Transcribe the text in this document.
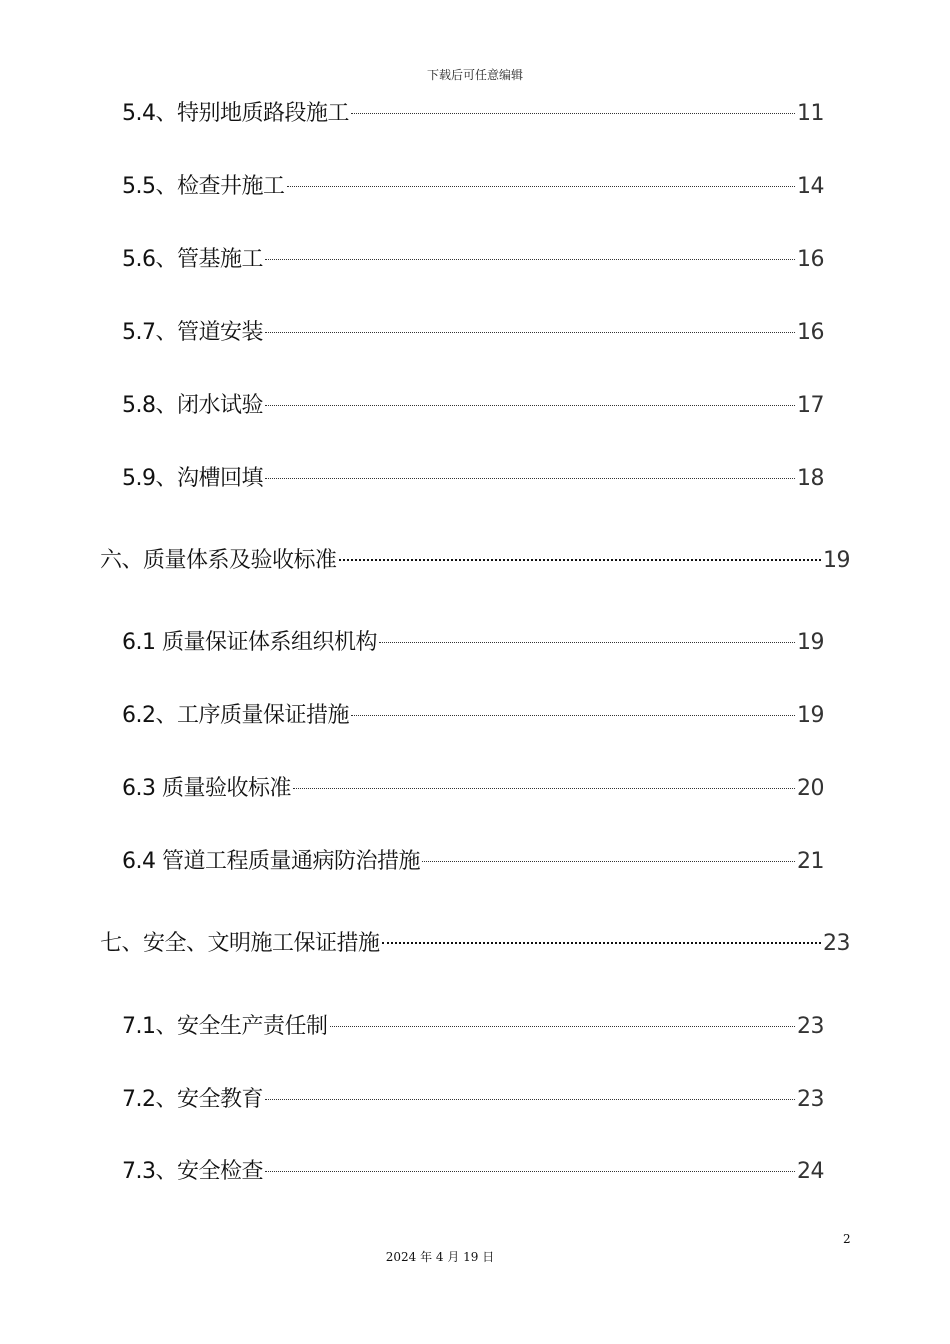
下载后可任意编辑
5.4、特别地质路段施工	11
5.5、检查井施工	14
5.6、管基施工	16
5.7、管道安装	16
5.8、闭水试验	17
5.9、沟槽回填	18
六、质量体系及验收标准	19
6.1 质量保证体系组织机构	19
6.2、工序质量保证措施	19
6.3 质量验收标准	20
6.4 管道工程质量通病防治措施	21
七、安全、文明施工保证措施	23
7.1、安全生产责任制	23
7.2、安全教育	23
7.3、安全检查	24
2
2024 年 4 月 19 日
